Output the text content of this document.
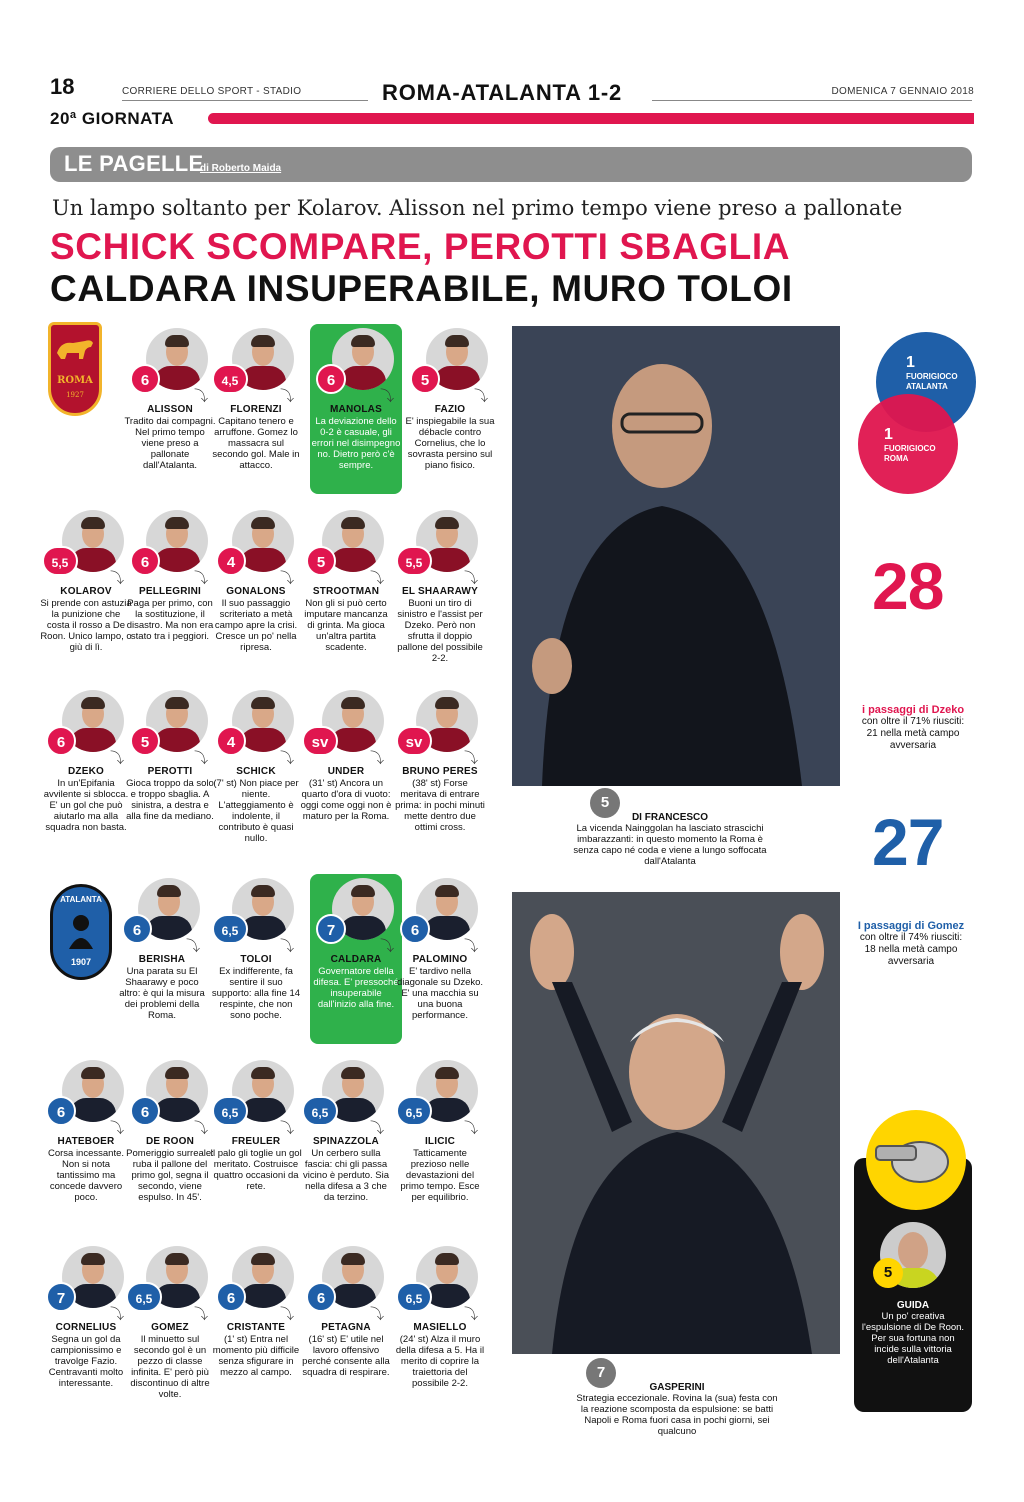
18	CORRIERE DELLO SPORT - STADIO	ROMA-ATALANTA 1-2	DOMENICA 7 GENNAIO 2018
20ª GIORNATA
LE PAGELLE
di Roberto Maida
Un lampo soltanto per Kolarov. Alisson nel primo tempo viene preso a pallonate
SCHICK SCOMPARE, PEROTTI SBAGLIA
CALDARA INSUPERABILE, MURO TOLOI
ROMA
1927
ATALANTA
1907
6
⤵
ALISSON
Tradito dai compagni. Nel primo tempo viene preso a pallonate dall'Atalanta.
4,5
⤵
FLORENZI
Capitano tenero e arruffone. Gomez lo massacra sul secondo gol. Male in attacco.
6
⤵
MANOLAS
La deviazione dello 0-2 è casuale, gli errori nel disimpegno no. Dietro però c'è sempre.
5
⤵
FAZIO
E' inspiegabile la sua débacle contro Cornelius, che lo sovrasta persino sul piano fisico.
5,5
⤵
KOLAROV
Si prende con astuzia la punizione che costa il rosso a De Roon. Unico lampo, o giù di lì.
6
⤵
PELLEGRINI
Paga per primo, con la sostituzione, il disastro. Ma non era stato tra i peggiori.
4
⤵
GONALONS
Il suo passaggio scriteriato a metà campo apre la crisi. Cresce un po' nella ripresa.
5
⤵
STROOTMAN
Non gli si può certo imputare mancanza di grinta. Ma gioca un'altra partita scadente.
5,5
⤵
EL SHAARAWY
Buoni un tiro di sinistro e l'assist per Dzeko. Però non sfrutta il doppio pallone del possibile 2-2.
6
⤵
DZEKO
In un'Epifania avvilente si sblocca. E' un gol che può aiutarlo ma alla squadra non basta.
5
⤵
PEROTTI
Gioca troppo da solo e troppo sbaglia. A sinistra, a destra e alla fine da mediano.
4
⤵
SCHICK
(7' st) Non piace per niente. L'atteggiamento è indolente, il contributo è quasi nullo.
sv
⤵
UNDER
(31' st) Ancora un quarto d'ora di vuoto: oggi come oggi non è maturo per la Roma.
sv
⤵
BRUNO PERES
(38' st) Forse meritava di entrare prima: in pochi minuti mette dentro due ottimi cross.
6
⤵
BERISHA
Una parata su El Shaarawy e poco altro: è qui la misura dei problemi della Roma.
6,5
⤵
TOLOI
Ex indifferente, fa sentire il suo supporto: alla fine 14 respinte, che non sono poche.
7
⤵
CALDARA
Governatore della difesa. E' pressoché insuperabile dall'inizio alla fine.
6
⤵
PALOMINO
E' tardivo nella diagonale su Dzeko. E' una macchia su una buona performance.
6
⤵
HATEBOER
Corsa incessante. Non si nota tantissimo ma concede davvero poco.
6
⤵
DE ROON
Pomeriggio surreale: ruba il pallone del primo gol, segna il secondo, viene espulso. In 45'.
6,5
⤵
FREULER
Il palo gli toglie un gol meritato. Costruisce quattro occasioni da rete.
6,5
⤵
SPINAZZOLA
Un cerbero sulla fascia: chi gli passa vicino è perduto. Sia nella difesa a 3 che da terzino.
6,5
⤵
ILICIC
Tatticamente prezioso nelle devastazioni del primo tempo. Esce per equilibrio.
7
⤵
CORNELIUS
Segna un gol da campionissimo e travolge Fazio. Centravanti molto interessante.
6,5
⤵
GOMEZ
Il minuetto sul secondo gol è un pezzo di classe infinita. E' però più discontinuo di altre volte.
6
⤵
CRISTANTE
(1' st) Entra nel momento più difficile senza sfigurare in mezzo al campo.
6
⤵
PETAGNA
(16' st) E' utile nel lavoro offensivo perché consente alla squadra di respirare.
6,5
⤵
MASIELLO
(24' st) Alza il muro della difesa a 5. Ha il merito di coprire la traiettoria del possibile 2-2.
5
DI FRANCESCO
La vicenda Nainggolan ha lasciato strascichi imbarazzanti: in questo momento la Roma è senza capo né coda e viene a lungo soffocata dall'Atalanta
7
GASPERINI
Strategia eccezionale. Rovina la (sua) festa con la reazione scomposta da espulsione: se batti Napoli e Roma fuori casa in pochi giorni, sei qualcuno
1
FUORIGIOCO ATALANTA
1
FUORIGIOCO ROMA
28
i passaggi di Dzeko
con oltre il 71% riusciti: 21 nella metà campo avversaria
27
I passaggi di Gomez
con oltre il 74% riusciti: 18 nella metà campo avversaria
5
GUIDA
Un po' creativa l'espulsione di De Roon. Per sua fortuna non incide sulla vittoria dell'Atalanta
